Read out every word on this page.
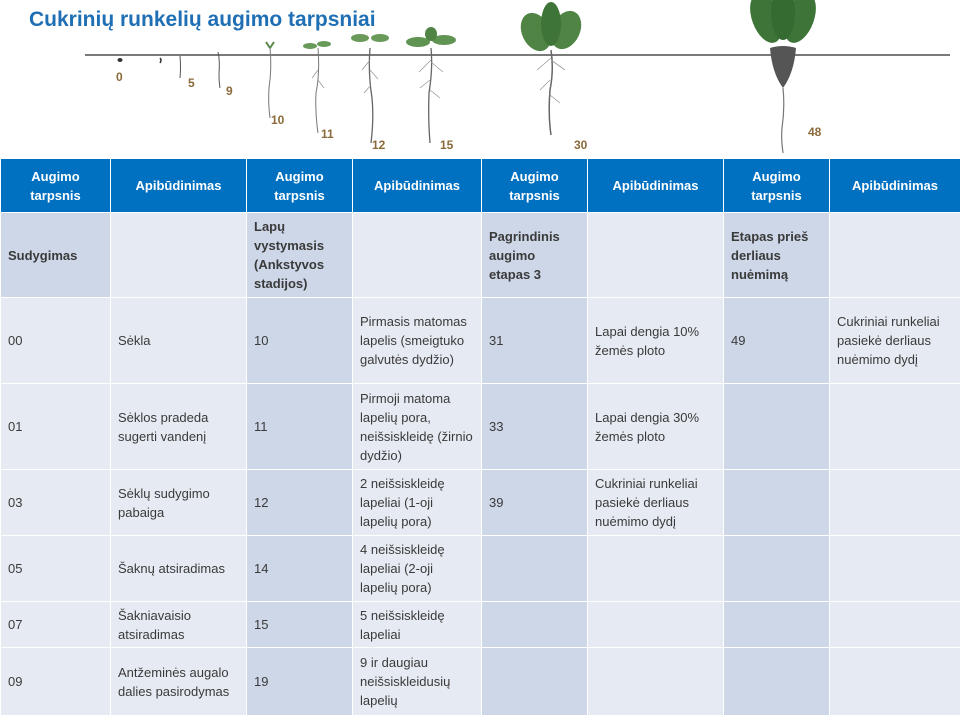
Cukrinių runkelių augimo tarpsniai
0	5
9
10
11
12	15	30
48
Augimo tarpsnis	Apibūdinimas	Augimo tarpsnis	Apibūdinimas	Augimo tarpsnis	Apibūdinimas	Augimo tarpsnis	Apibūdinimas
Sudygimas		Lapų vystymasis (Ankstyvos stadijos)		Pagrindinis augimo etapas 3		Etapas prieš derliaus nuėmimą	
00	Sėkla	10	Pirmasis matomas lapelis (smeigtuko galvutės dydžio)	31	Lapai dengia 10% žemės ploto	49	Cukriniai runkeliai pasiekė derliaus nuėmimo dydį
01	Sėklos pradeda sugerti vandenį	11	Pirmoji matoma lapelių pora, neišsiskleidę (žirnio dydžio)	33	Lapai dengia 30% žemės ploto		
03	Sėklų sudygimo pabaiga	12	2 neišsiskleidę lapeliai (1-oji lapelių pora)	39	Cukriniai runkeliai pasiekė derliaus nuėmimo dydį		
05	Šaknų atsiradimas	14	4 neišsiskleidę lapeliai (2-oji lapelių pora)				
07	Šakniavaisio atsiradimas	15	5 neišsiskleidę lapeliai				
09	Antžeminės augalo dalies pasirodymas	19	9 ir daugiau neišsiskleidusių lapelių				
